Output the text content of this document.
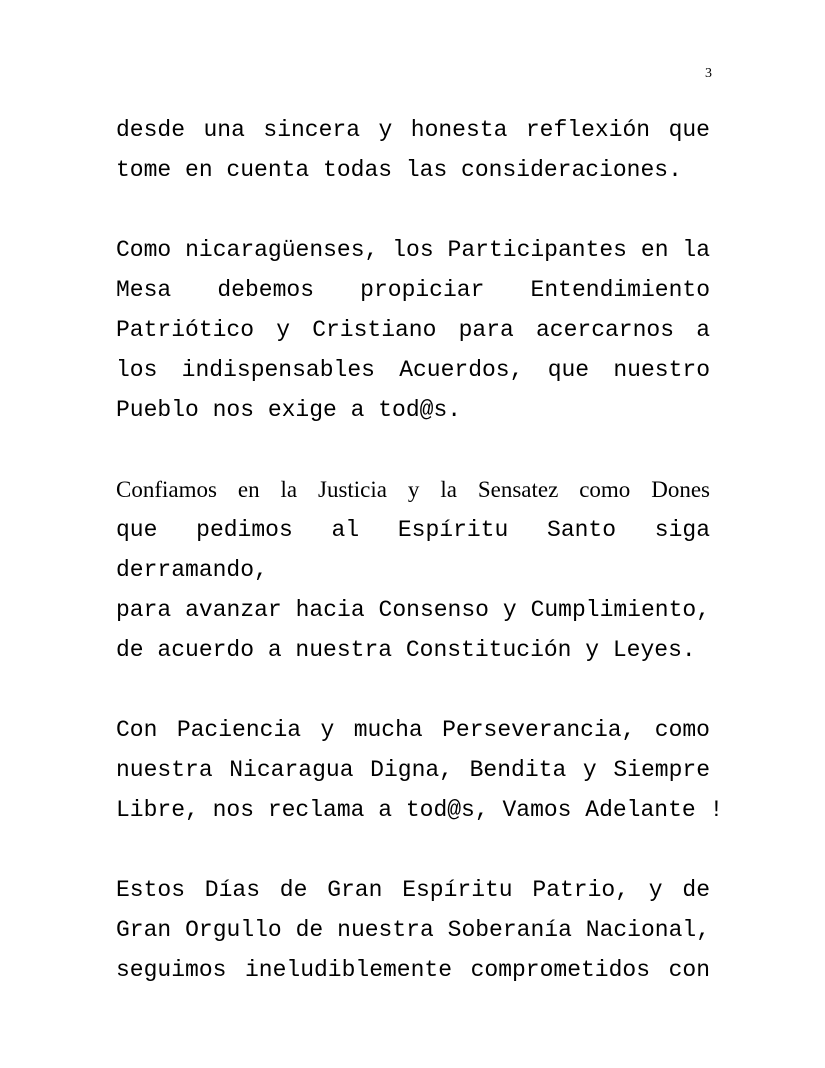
3
desde una sincera y honesta reflexión que
tome en cuenta todas las consideraciones.
Como nicaragüenses, los Participantes en la
Mesa debemos propiciar Entendimiento
Patriótico y Cristiano para acercarnos a
los indispensables Acuerdos, que nuestro
Pueblo nos exige a tod@s.
Confiamos en la Justicia y la Sensatez como Dones
que pedimos al Espíritu Santo siga derramando,
para avanzar hacia Consenso y Cumplimiento,
de acuerdo a nuestra Constitución y Leyes.
Con Paciencia y mucha Perseverancia, como
nuestra Nicaragua Digna, Bendita y Siempre
Libre, nos reclama a tod@s, Vamos Adelante !
Estos Días de Gran Espíritu Patrio, y de
Gran Orgullo de nuestra Soberanía Nacional,
seguimos ineludiblemente comprometidos con
